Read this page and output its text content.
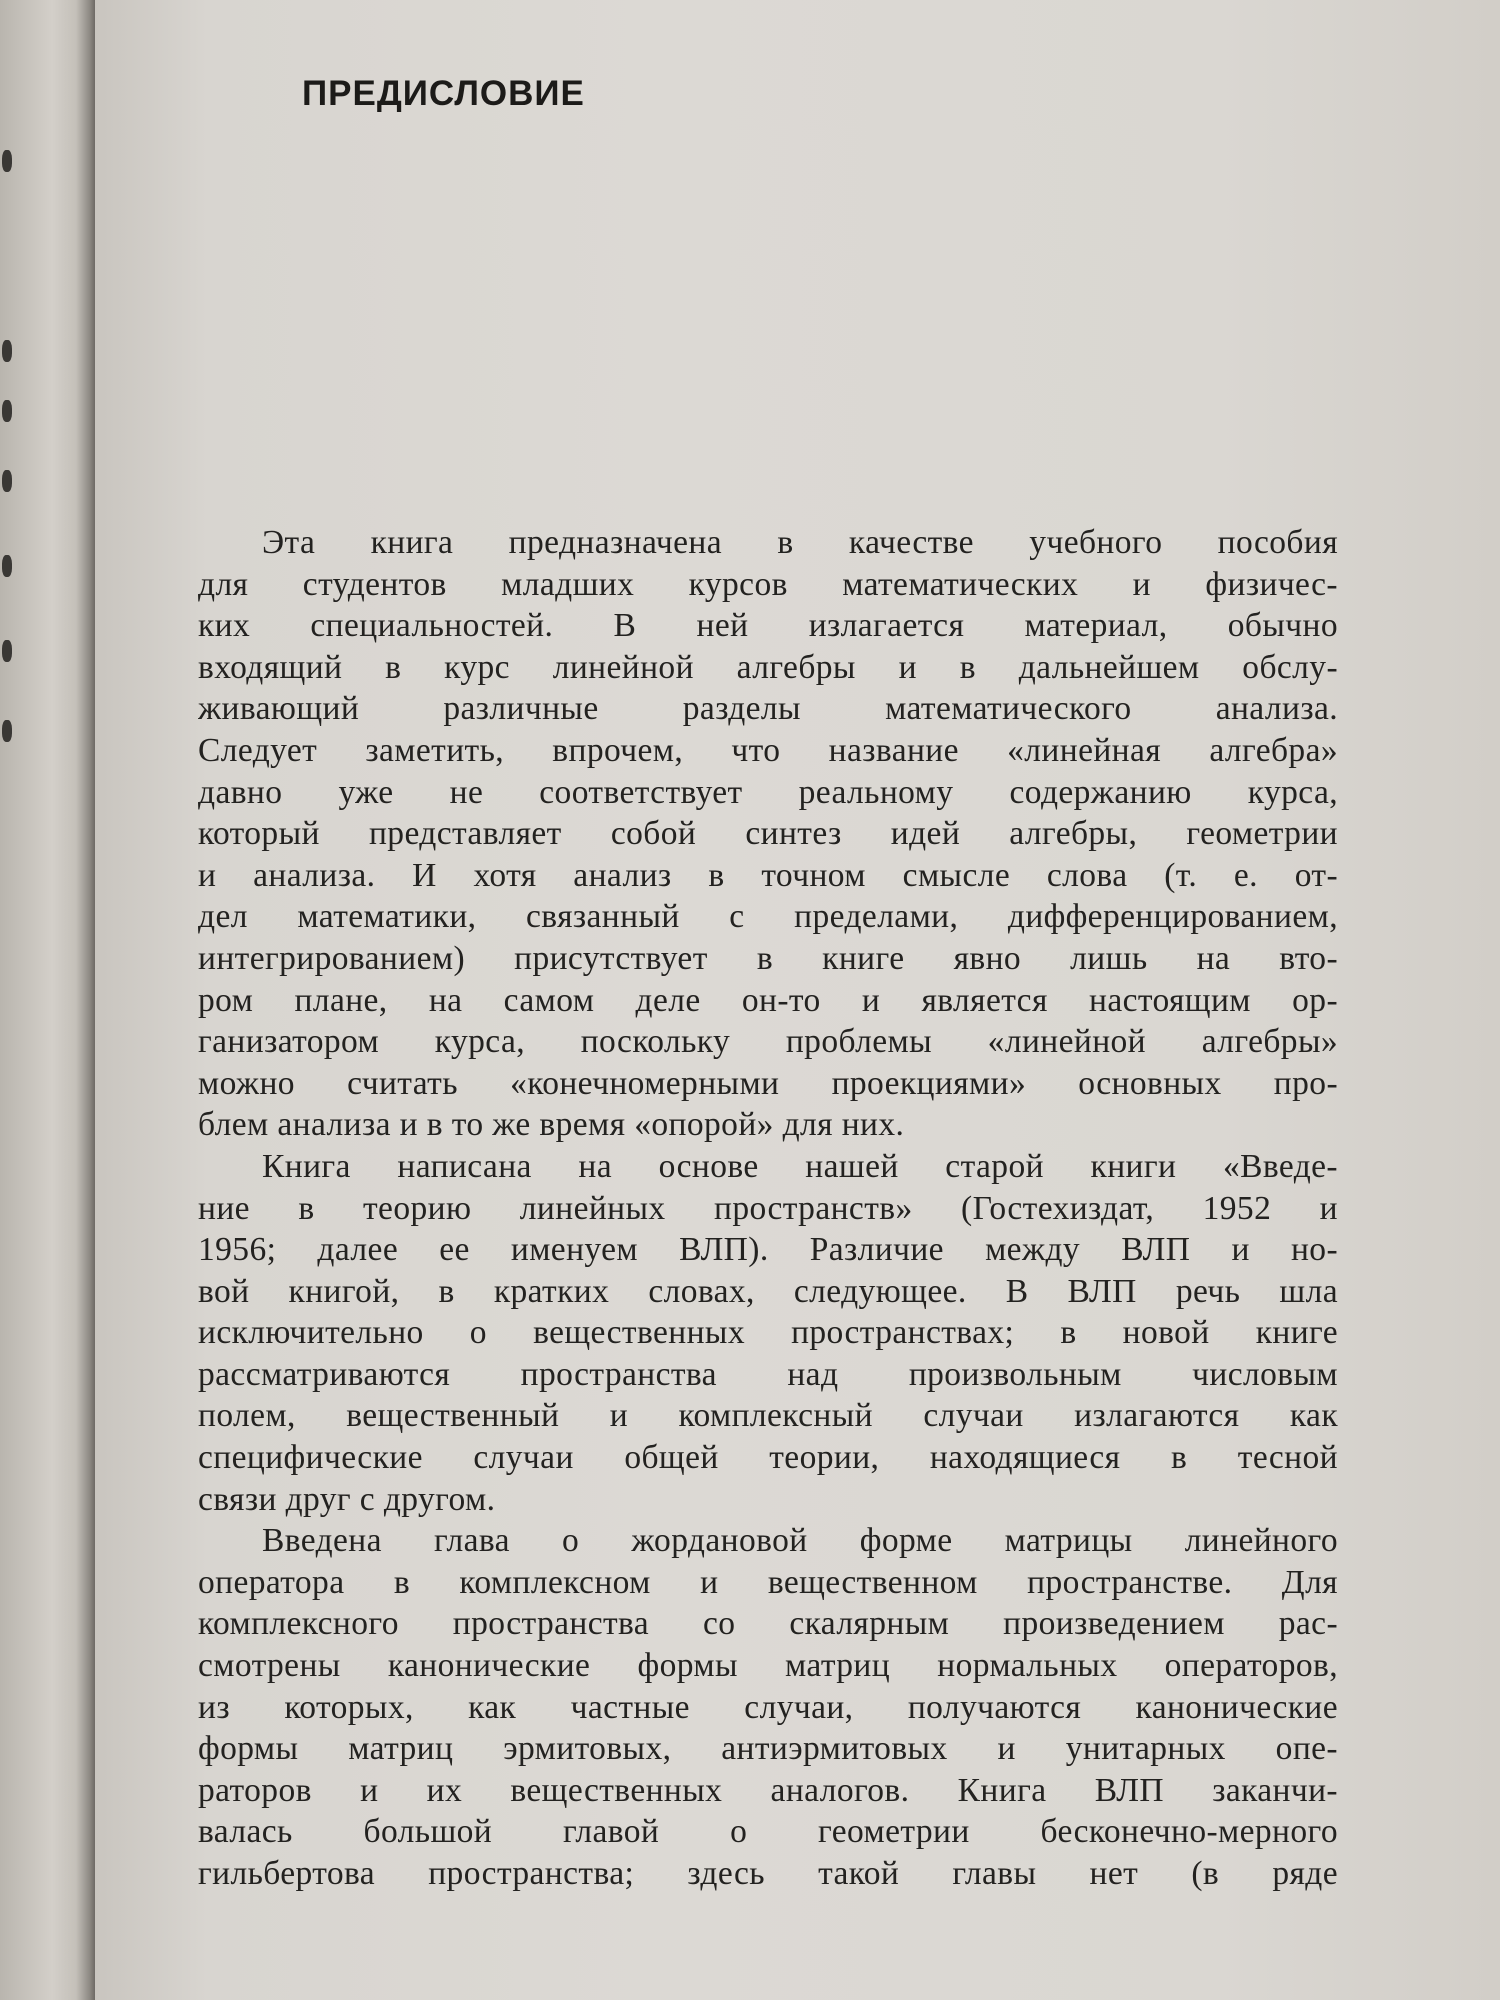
ПРЕДИСЛОВИЕ
Эта книга предназначена в качестве учебного пособия
для студентов младших курсов математических и физичес-
ких специальностей. В ней излагается материал, обычно
входящий в курс линейной алгебры и в дальнейшем обслу-
живающий различные разделы математического анализа.
Следует заметить, впрочем, что название «линейная алгебра»
давно уже не соответствует реальному содержанию курса,
который представляет собой синтез идей алгебры, геометрии
и анализа. И хотя анализ в точном смысле слова (т. е. от-
дел математики, связанный с пределами, дифференцированием,
интегрированием) присутствует в книге явно лишь на вто-
ром плане, на самом деле он-то и является настоящим ор-
ганизатором курса, поскольку проблемы «линейной алгебры»
можно считать «конечномерными проекциями» основных про-
блем анализа и в то же время «опорой» для них.
Книга написана на основе нашей старой книги «Введе-
ние в теорию линейных пространств» (Гостехиздат, 1952 и
1956; далее ее именуем ВЛП). Различие между ВЛП и но-
вой книгой, в кратких словах, следующее. В ВЛП речь шла
исключительно о вещественных пространствах; в новой книге
рассматриваются пространства над произвольным числовым
полем, вещественный и комплексный случаи излагаются как
специфические случаи общей теории, находящиеся в тесной
связи друг с другом.
Введена глава о жордановой форме матрицы линейного
оператора в комплексном и вещественном пространстве. Для
комплексного пространства со скалярным произведением рас-
смотрены канонические формы матриц нормальных операторов,
из которых, как частные случаи, получаются канонические
формы матриц эрмитовых, антиэрмитовых и унитарных опе-
раторов и их вещественных аналогов. Книга ВЛП заканчи-
валась большой главой о геометрии бесконечно-мерного
гильбертова пространства; здесь такой главы нет (в ряде
